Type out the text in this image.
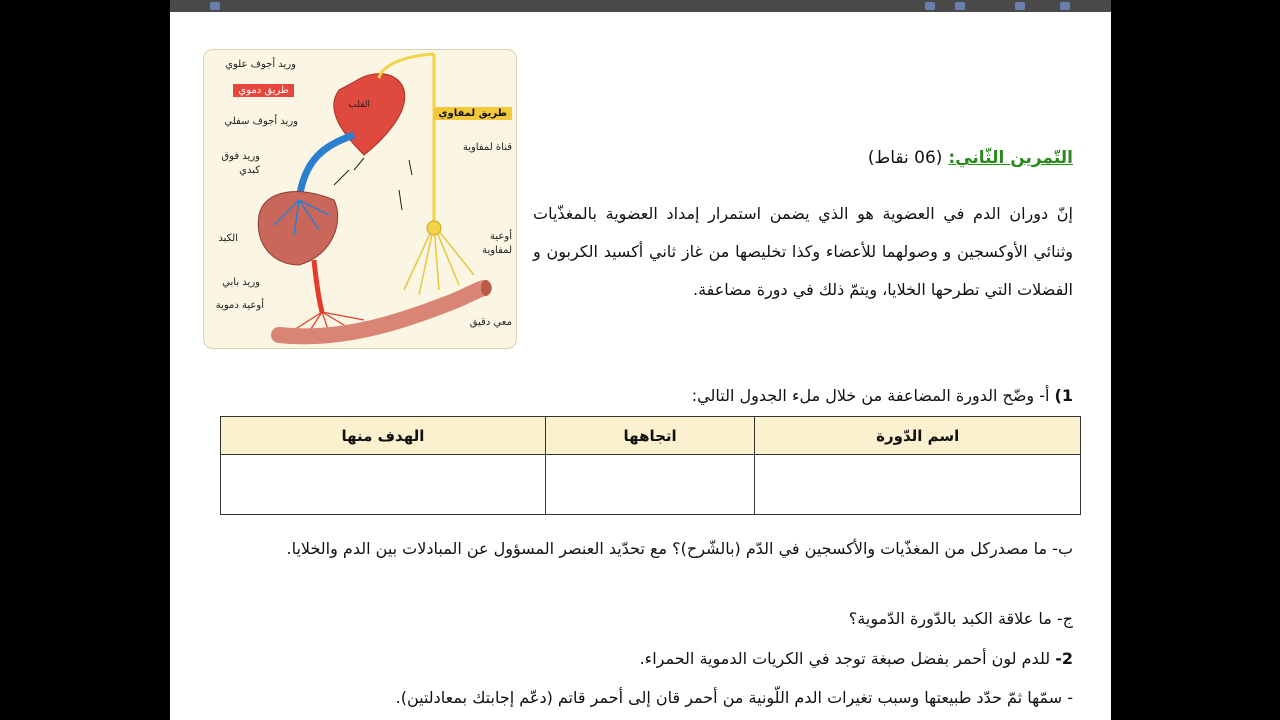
وريد أجوف علوي
طريق دموي
القلب
وريد أجوف سفلي
وريد فوق كبدي
الكبد
وريد بابي
أوعية دموية
طريق لمفاوي
قناة لمفاوية
أوعية لمفاوية
معي دقيق
التّمرين الثّاني: (06 نقاط)

إنّ دوران الدم في العضوية هو الذي يضمن استمرار إمداد العضوية بالمغذّيات وثنائي الأوكسجين و وصولهما للأعضاء وكذا تخليصها من غاز ثاني أكسيد الكربون و الفضلات التي تطرحها الخلايا، ويتمّ ذلك في دورة مضاعفة.

1) أ- وضّح الدورة المضاعفة من خلال ملء الجدول التالي:
اسم الدّورة	اتجاهها	الهدف منها

ب- ما مصدركل من المغذّيات والأكسجين في الدّم (بالشّرح)؟ مع تحدّيد العنصر المسؤول عن المبادلات بين الدم والخلايا.

ج- ما علاقة الكبد بالدّورة الدّموية؟

2- للدم لون أحمر بفضل صبغة توجد في الكريات الدموية الحمراء.

- سمّها ثمّ حدّد طبيعتها وسبب تغيرات الدم اللّونية من أحمر قان إلى أحمر قاتم (دعّم إجابتك بمعادلتين).
